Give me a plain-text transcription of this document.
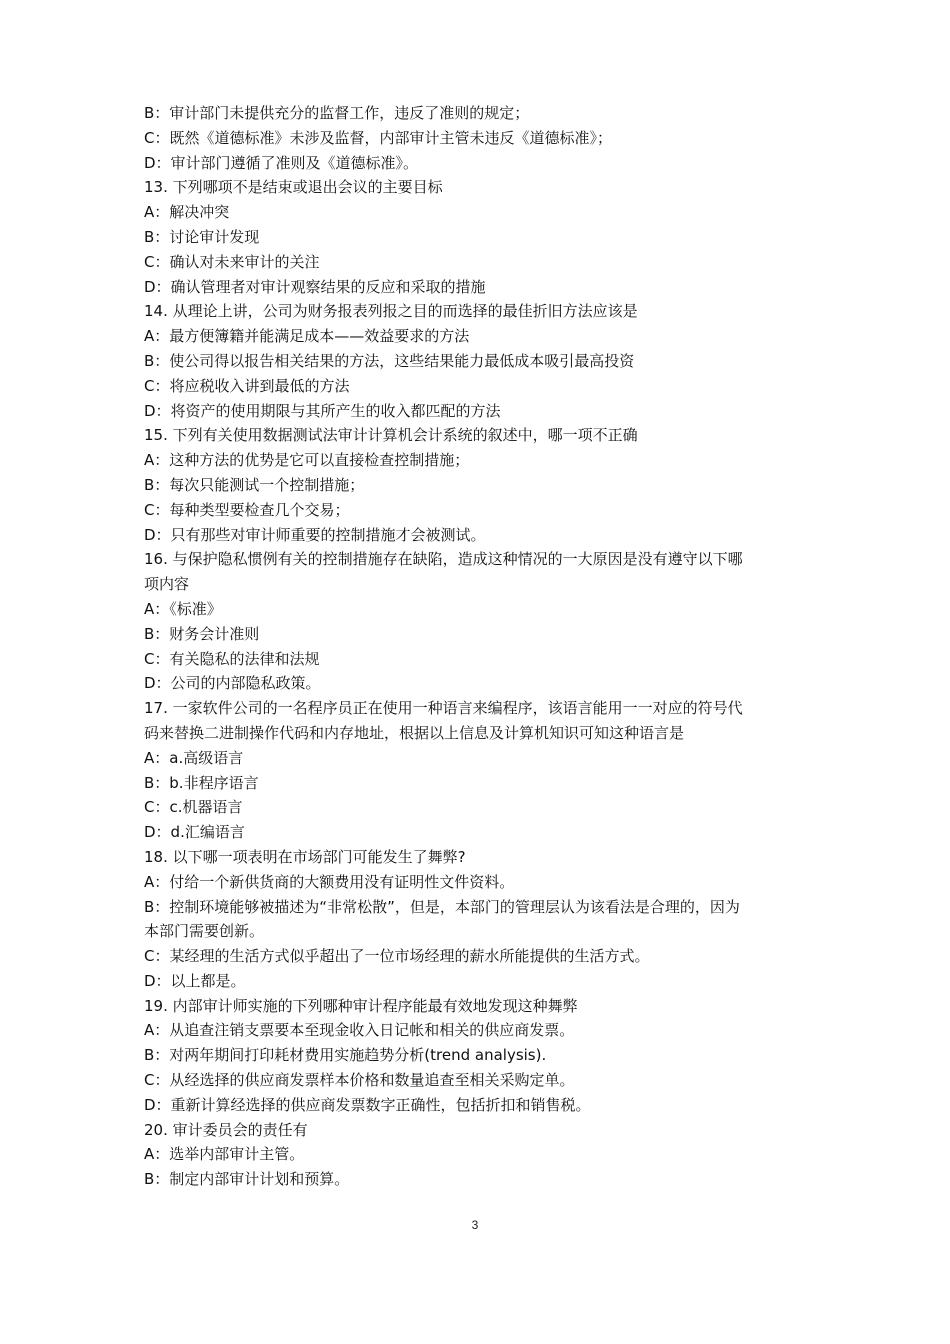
B：审计部门未提供充分的监督工作，违反了准则的规定；
C：既然《道德标准》未涉及监督，内部审计主管未违反《道德标准》；
D：审计部门遵循了准则及《道德标准》。
13. 下列哪项不是结束或退出会议的主要目标
A：解决冲突
B：讨论审计发现
C：确认对未来审计的关注
D：确认管理者对审计观察结果的反应和采取的措施
14. 从理论上讲，公司为财务报表列报之目的而选择的最佳折旧方法应该是
A：最方便簿籍并能满足成本——效益要求的方法
B：使公司得以报告相关结果的方法，这些结果能力最低成本吸引最高投资
C：将应税收入讲到最低的方法
D：将资产的使用期限与其所产生的收入都匹配的方法
15. 下列有关使用数据测试法审计计算机会计系统的叙述中，哪一项不正确
A：这种方法的优势是它可以直接检查控制措施；
B：每次只能测试一个控制措施；
C：每种类型要检查几个交易；
D：只有那些对审计师重要的控制措施才会被测试。
16. 与保护隐私惯例有关的控制措施存在缺陷，造成这种情况的一大原因是没有遵守以下哪
项内容
A：《标准》
B：财务会计准则
C：有关隐私的法律和法规
D：公司的内部隐私政策。
17. 一家软件公司的一名程序员正在使用一种语言来编程序，该语言能用一一对应的符号代
码来替换二进制操作代码和内存地址，根据以上信息及计算机知识可知这种语言是
A：a.高级语言
B：b.非程序语言
C：c.机器语言
D：d.汇编语言
18. 以下哪一项表明在市场部门可能发生了舞弊?
A：付给一个新供货商的大额费用没有证明性文件资料。
B：控制环境能够被描述为“非常松散”，但是，本部门的管理层认为该看法是合理的，因为
本部门需要创新。
C：某经理的生活方式似乎超出了一位市场经理的薪水所能提供的生活方式。
D：以上都是。
19. 内部审计师实施的下列哪种审计程序能最有效地发现这种舞弊
A：从追查注销支票要本至现金收入日记帐和相关的供应商发票。
B：对两年期间打印耗材费用实施趋势分析(trend analysis).
C：从经选择的供应商发票样本价格和数量追查至相关采购定单。
D：重新计算经选择的供应商发票数字正确性，包括折扣和销售税。
20. 审计委员会的责任有
A：选举内部审计主管。
B：制定内部审计计划和预算。
3
